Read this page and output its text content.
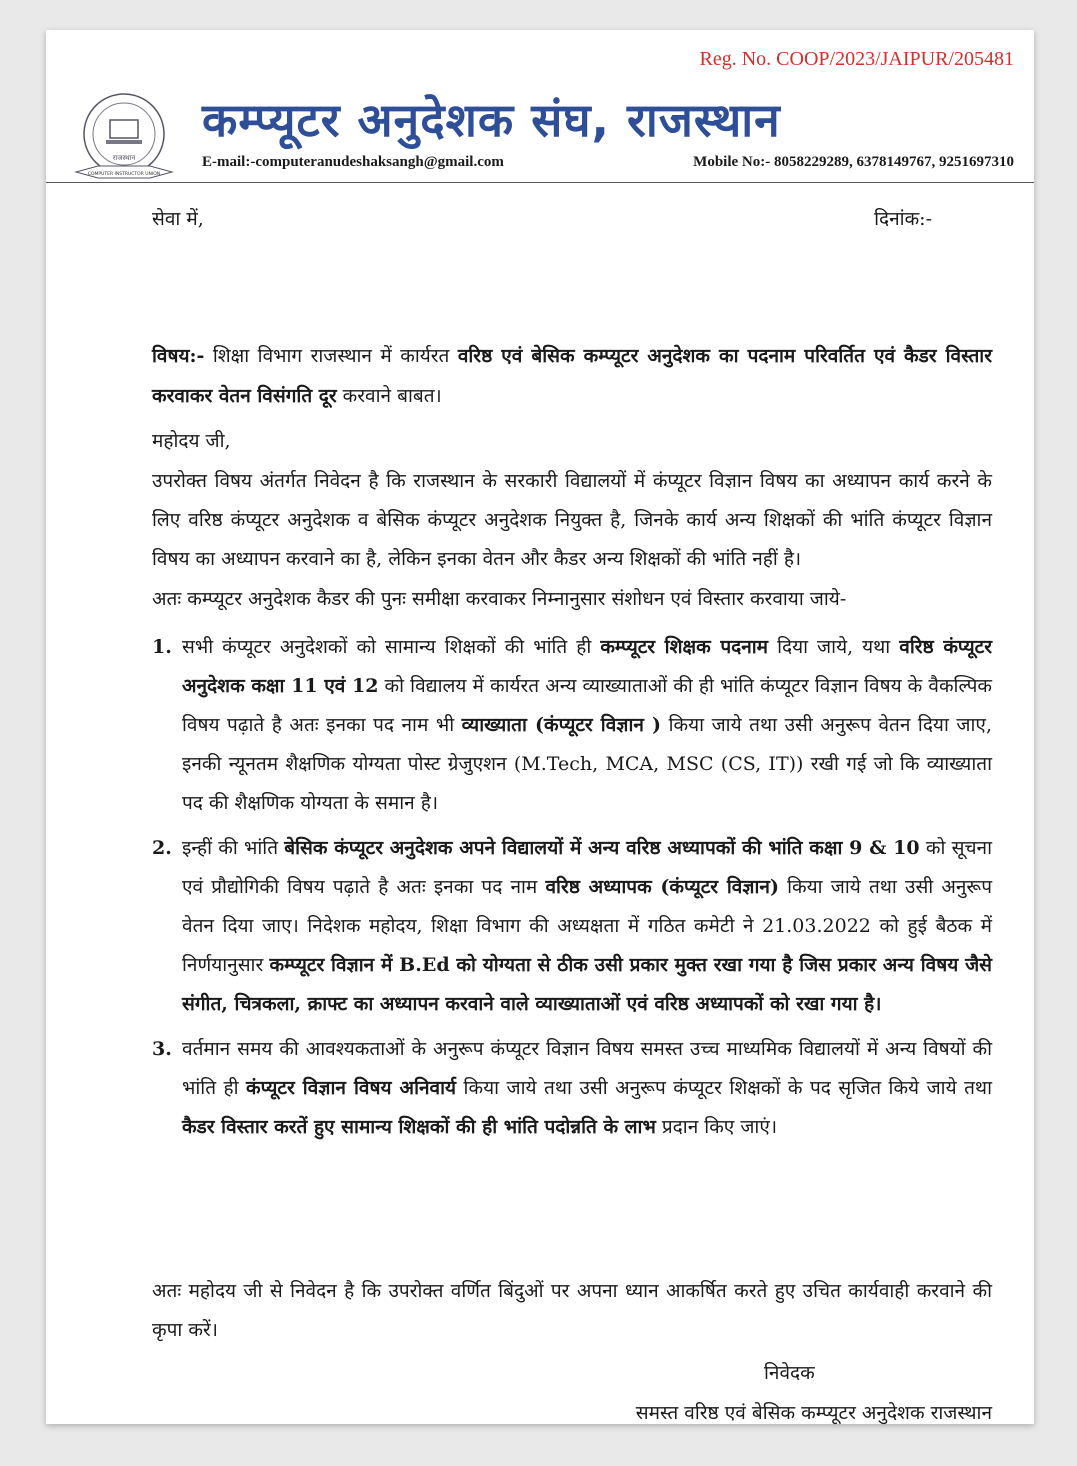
Reg. No. COOP/2023/JAIPUR/205481
राजस्थान
COMPUTER INSTRUCTOR UNION
कम्प्यूटर अनुदेशक संघ, राजस्थान
E-mail:-computeranudeshaksangh@gmail.com	Mobile No:- 8058229289, 6378149767, 9251697310
सेवा में,	दिनांक:-
विषय:- शिक्षा विभाग राजस्थान में कार्यरत वरिष्ठ एवं बेसिक कम्प्यूटर अनुदेशक का पदनाम परिवर्तित एवं कैडर विस्तार करवाकर वेतन विसंगति दूर करवाने बाबत।
महोदय जी,
उपरोक्त विषय अंतर्गत निवेदन है कि राजस्थान के सरकारी विद्यालयों में कंप्यूटर विज्ञान विषय का अध्यापन कार्य करने के लिए वरिष्ठ कंप्यूटर अनुदेशक व बेसिक कंप्यूटर अनुदेशक नियुक्त है, जिनके कार्य अन्य शिक्षकों की भांति कंप्यूटर विज्ञान विषय का अध्यापन करवाने का है, लेकिन इनका वेतन और कैडर अन्य शिक्षकों की भांति नहीं है।
अतः कम्प्यूटर अनुदेशक कैडर की पुनः समीक्षा करवाकर निम्नानुसार संशोधन एवं विस्तार करवाया जाये-
1. सभी कंप्यूटर अनुदेशकों को सामान्य शिक्षकों की भांति ही कम्प्यूटर शिक्षक पदनाम दिया जाये, यथा वरिष्ठ कंप्यूटर अनुदेशक कक्षा 11 एवं 12 को विद्यालय में कार्यरत अन्य व्याख्याताओं की ही भांति कंप्यूटर विज्ञान विषय के वैकल्पिक विषय पढ़ाते है अतः इनका पद नाम भी व्याख्याता (कंप्यूटर विज्ञान ) किया जाये तथा उसी अनुरूप वेतन दिया जाए, इनकी न्यूनतम शैक्षणिक योग्यता पोस्ट ग्रेजुएशन (M.Tech, MCA, MSC (CS, IT)) रखी गई जो कि व्याख्याता पद की शैक्षणिक योग्यता के समान है।
2. इन्हीं की भांति बेसिक कंप्यूटर अनुदेशक अपने विद्यालयों में अन्य वरिष्ठ अध्यापकों की भांति कक्षा 9 & 10 को सूचना एवं प्रौद्योगिकी विषय पढ़ाते है अतः इनका पद नाम वरिष्ठ अध्यापक (कंप्यूटर विज्ञान) किया जाये तथा उसी अनुरूप वेतन दिया जाए। निदेशक महोदय, शिक्षा विभाग की अध्यक्षता में गठित कमेटी ने 21.03.2022 को हुई बैठक में निर्णयानुसार कम्प्यूटर विज्ञान में B.Ed को योग्यता से ठीक उसी प्रकार मुक्त रखा गया है जिस प्रकार अन्य विषय जैसे संगीत, चित्रकला, क्राफ्ट का अध्यापन करवाने वाले व्याख्याताओं एवं वरिष्ठ अध्यापकों को रखा गया है।
3. वर्तमान समय की आवश्यकताओं के अनुरूप कंप्यूटर विज्ञान विषय समस्त उच्च माध्यमिक विद्यालयों में अन्य विषयों की भांति ही कंप्यूटर विज्ञान विषय अनिवार्य किया जाये तथा उसी अनुरूप कंप्यूटर शिक्षकों के पद सृजित किये जाये तथा कैडर विस्तार करतें हुए सामान्य शिक्षकों की ही भांति पदोन्नति के लाभ प्रदान किए जाएं।
अतः महोदय जी से निवेदन है कि उपरोक्त वर्णित बिंदुओं पर अपना ध्यान आकर्षित करते हुए उचित कार्यवाही करवाने की कृपा करें।
निवेदक
समस्त वरिष्ठ एवं बेसिक कम्प्यूटर अनुदेशक राजस्थान
